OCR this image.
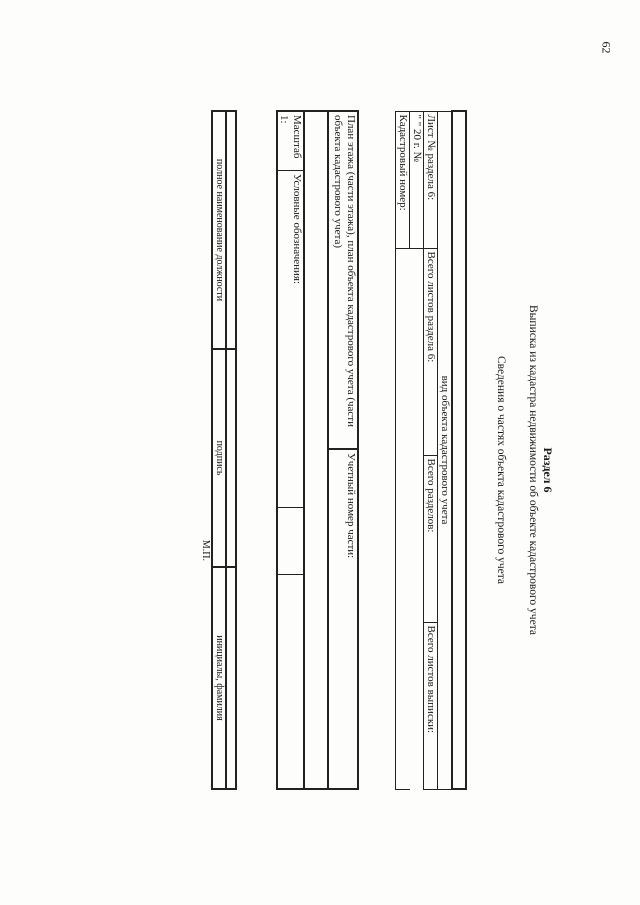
62
Раздел 6
Выписка из кадастра недвижимости об объекте кадастрового учета
Сведения о частях объекта кадастрового учета

вид объекта кадастрового учета			
Лист № раздела 6:	Всего листов раздела 6:	Всего разделов:	Всего листов выписки:
" " 20 г. №			
Кадастровый номер:			
План этажа (части этажа), план объекта кадастрового учета (части объекта кадастрового учета)	Учетный номер части:

Масштаб 1:	Условные обозначения:		

полное наименование должности	подпись	инициалы, фамилия
	М.П.	
